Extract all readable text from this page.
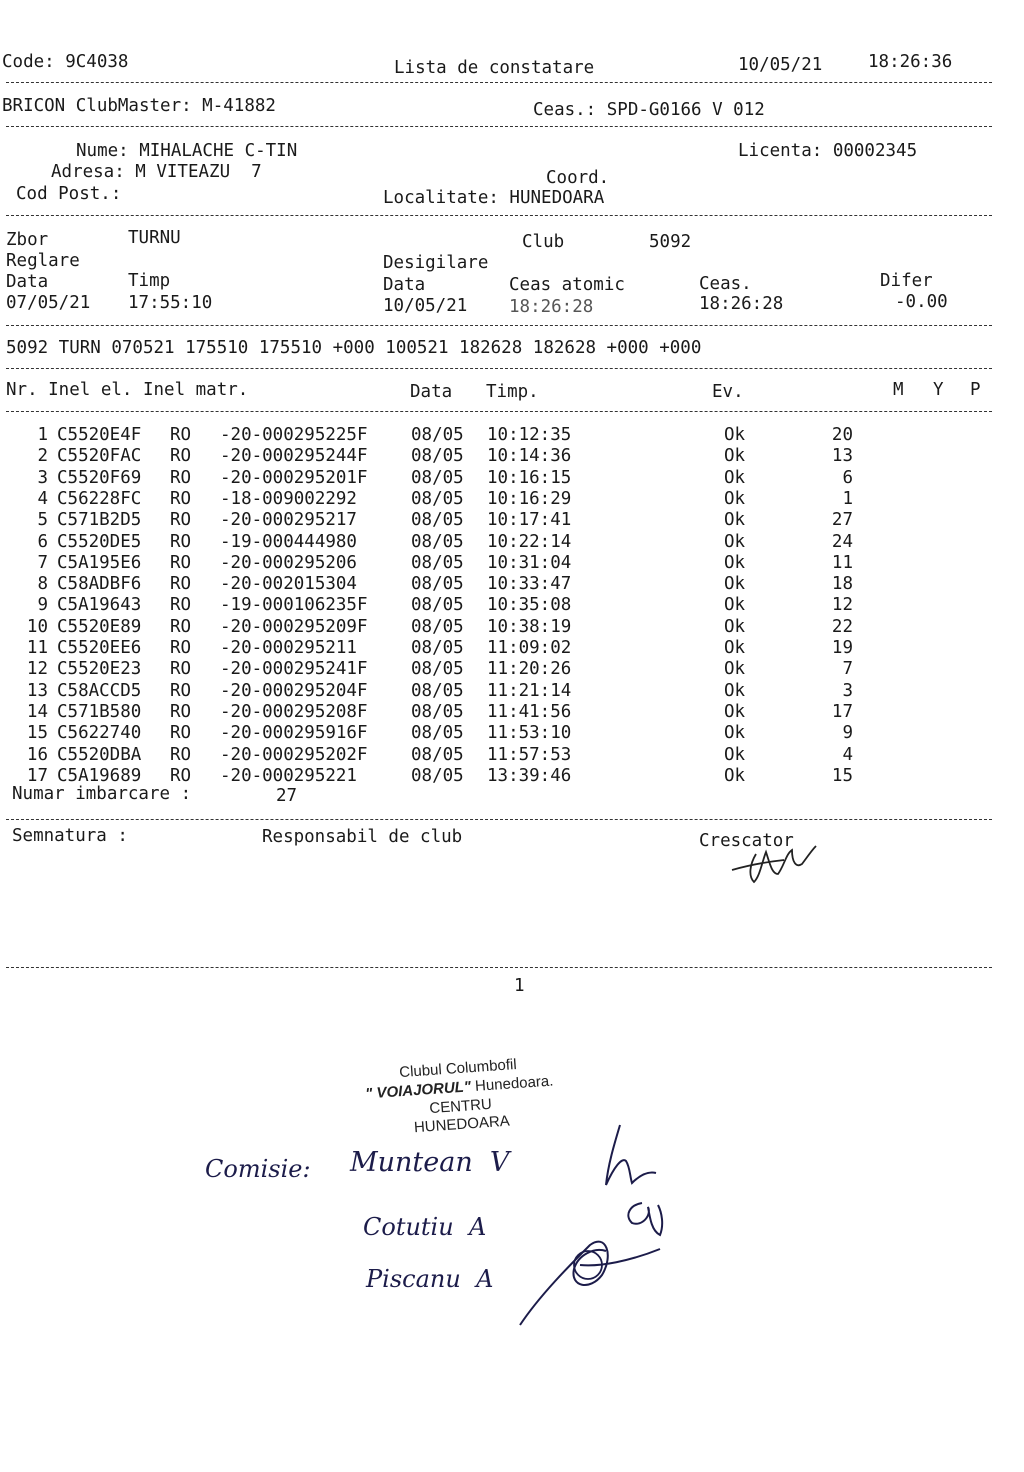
Code: 9C4038	Lista de constatare	10/05/21	18:26:36
BRICON ClubMaster: M-41882	Ceas.: SPD-G0166 V 012
Nume: MIHALACHE C-TIN	Licenta: 00002345
Adresa: M VITEAZU  7	Coord.
Cod Post.:	Localitate: HUNEDOARA
Zbor	TURNU	Club	5092
Reglare	Desigilare
Data	Timp	Data	Ceas atomic	Ceas.	Difer
07/05/21 17:55:10	10/05/21 18:26:28	18:26:28	-0.00
5092 TURN 070521 175510 175510 +000 100521 182628 182628 +000 +000
Nr. Inel el. Inel matr.	Data Timp.	Ev.	M Y P
1 C5520E4F RO -20-000295225F 08/05 10:12:35	Ok	20
2 C5520FAC RO -20-000295244F 08/05 10:14:36	Ok	13
3 C5520F69 RO -20-000295201F 08/05 10:16:15	Ok	6
4 C56228FC RO -18-009002292	08/05 10:16:29	Ok	1
5 C571B2D5 RO -20-000295217	08/05 10:17:41	Ok	27
6 C5520DE5 RO -19-000444980	08/05 10:22:14	Ok	24
7 C5A195E6 RO -20-000295206	08/05 10:31:04	Ok	11
8 C58ADBF6 RO -20-002015304	08/05 10:33:47	Ok	18
9 C5A19643 RO -19-000106235F 08/05 10:35:08	Ok	12
10 C5520E89 RO -20-000295209F 08/05 10:38:19	Ok	22
11 C5520EE6 RO -20-000295211	08/05 11:09:02	Ok	19
12 C5520E23 RO -20-000295241F 08/05 11:20:26	Ok	7
13 C58ACCD5 RO -20-000295204F 08/05 11:21:14	Ok	3
14 C571B580 RO -20-000295208F 08/05 11:41:56	Ok	17
15 C5622740 RO -20-000295916F 08/05 11:53:10	Ok	9
16 C5520DBA RO -20-000295202F 08/05 11:57:53	Ok	4
17 C5A19689 RO -20-000295221	08/05 13:39:46	Ok	15
Numar imbarcare :	27
Semnatura :	Responsabil de club	Crescator
1
Clubul Columbofil
" VOIAJORUL" Hunedoara.
CENTRU
HUNEDOARA
Comisie: Muntean  V
Cotutiu  A
Piscanu  A
